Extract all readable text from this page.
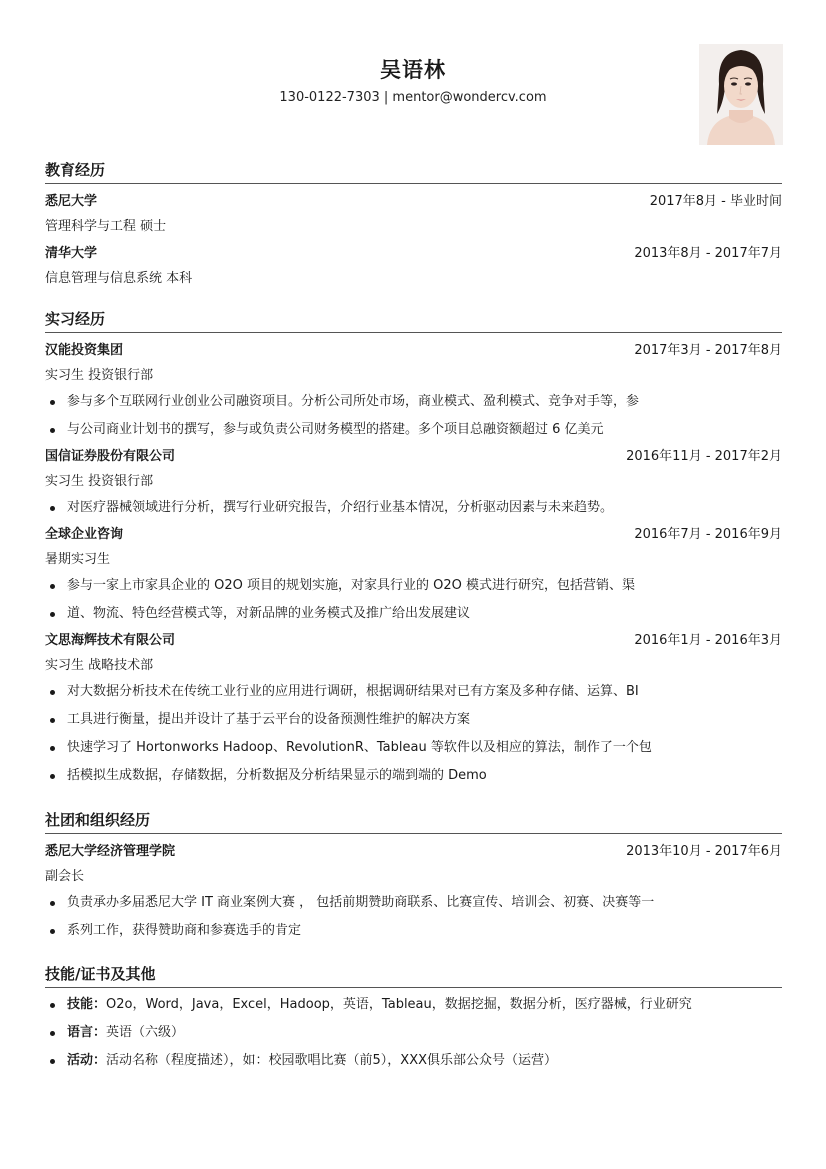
吴语林
130-0122-7303 | mentor@wondercv.com
教育经历
悉尼大学	2017年8月 - 毕业时间
管理科学与工程 硕士
清华大学	2013年8月 - 2017年7月
信息管理与信息系统 本科
实习经历
汉能投资集团	2017年3月 - 2017年8月
实习生 投资银行部
参与多个互联网行业创业公司融资项目。分析公司所处市场，商业模式、盈利模式、竞争对手等，参
与公司商业计划书的撰写，参与或负责公司财务模型的搭建。多个项目总融资额超过 6 亿美元
国信证券股份有限公司	2016年11月 - 2017年2月
实习生 投资银行部
对医疗器械领域进行分析，撰写行业研究报告，介绍行业基本情况，分析驱动因素与未来趋势。
全球企业咨询	2016年7月 - 2016年9月
暑期实习生
参与一家上市家具企业的 O2O 项目的规划实施，对家具行业的 O2O 模式进行研究，包括营销、渠
道、物流、特色经营模式等，对新品牌的业务模式及推广给出发展建议
文思海辉技术有限公司	2016年1月 - 2016年3月
实习生 战略技术部
对大数据分析技术在传统工业行业的应用进行调研，根据调研结果对已有方案及多种存储、运算、BI
工具进行衡量，提出并设计了基于云平台的设备预测性维护的解决方案
快速学习了 Hortonworks Hadoop、RevolutionR、Tableau 等软件以及相应的算法，制作了一个包
括模拟生成数据，存储数据，分析数据及分析结果显示的端到端的 Demo
社团和组织经历
悉尼大学经济管理学院	2013年10月 - 2017年6月
副会长
负责承办多届悉尼大学 IT 商业案例大赛 ， 包括前期赞助商联系、比赛宣传、培训会、初赛、决赛等一
系列工作，获得赞助商和参赛选手的肯定
技能/证书及其他
技能：O2o，Word，Java，Excel，Hadoop，英语，Tableau，数据挖掘，数据分析，医疗器械，行业研究
语言：英语（六级）
活动：活动名称（程度描述），如：校园歌唱比赛（前5），XXX俱乐部公众号（运营）
